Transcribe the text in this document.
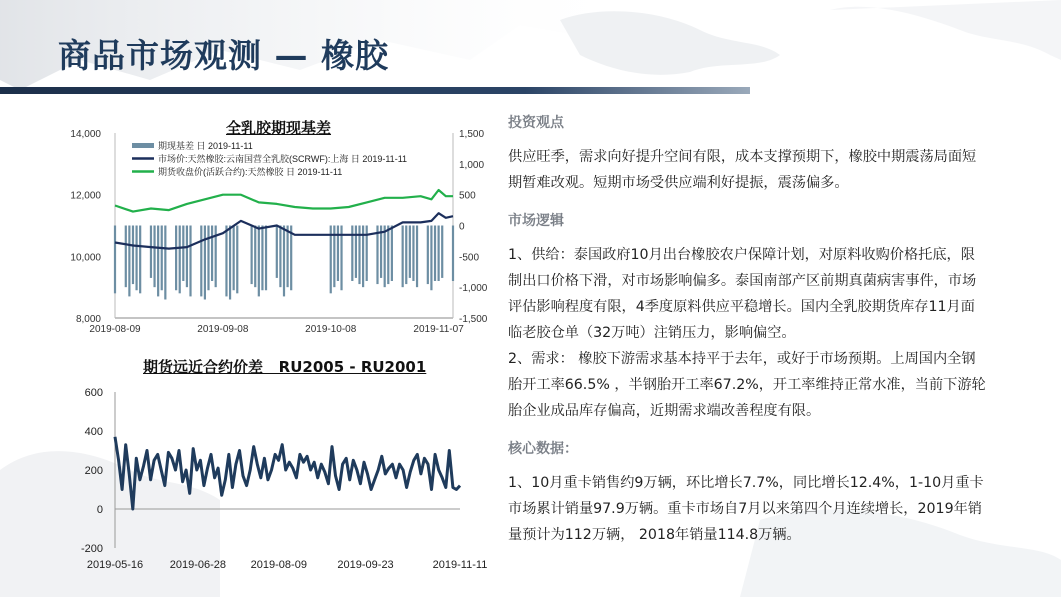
商品市场观测 — 橡胶
全乳胶期现基差
14,000
12,000
10,000
8,000
1,500
1,000
500
0
-500
-1,000
-1,500
2019-08-09	2019-09-08	2019-10-08	2019-11-07
期现基差 日 2019-11-11
市场价:天然橡胶:云南国营全乳胶(SCRWF):上海 日 2019-11-11
期货收盘价(活跃合约):天然橡胶 日 2019-11-11
期货远近合约价差   RU2005 - RU2001
600
400
200
0
-200
2019-05-16 2019-06-28 2019-08-09	2019-09-23	2019-11-11

投资观点

供应旺季，需求向好提升空间有限，成本支撑预期下，橡胶中期震荡局面短期暂难改观。短期市场受供应端利好提振，震荡偏多。

市场逻辑

1、供给：泰国政府10月出台橡胶农户保障计划，对原料收购价格托底，限制出口价格下滑，对市场影响偏多。泰国南部产区前期真菌病害事件，市场评估影响程度有限，4季度原料供应平稳增长。国内全乳胶期货库存11月面临老胶仓单（32万吨）注销压力，影响偏空。

2、需求： 橡胶下游需求基本持平于去年，或好于市场预期。上周国内全钢胎开工率66.5% ，半钢胎开工率67.2%，开工率维持正常水准，当前下游轮胎企业成品库存偏高，近期需求端改善程度有限。

核心数据：

1、10月重卡销售约9万辆，环比增长7.7%，同比增长12.4%，1-10月重卡市场累计销量97.9万辆。重卡市场自7月以来第四个月连续增长，2019年销量预计为112万辆， 2018年销量114.8万辆。
